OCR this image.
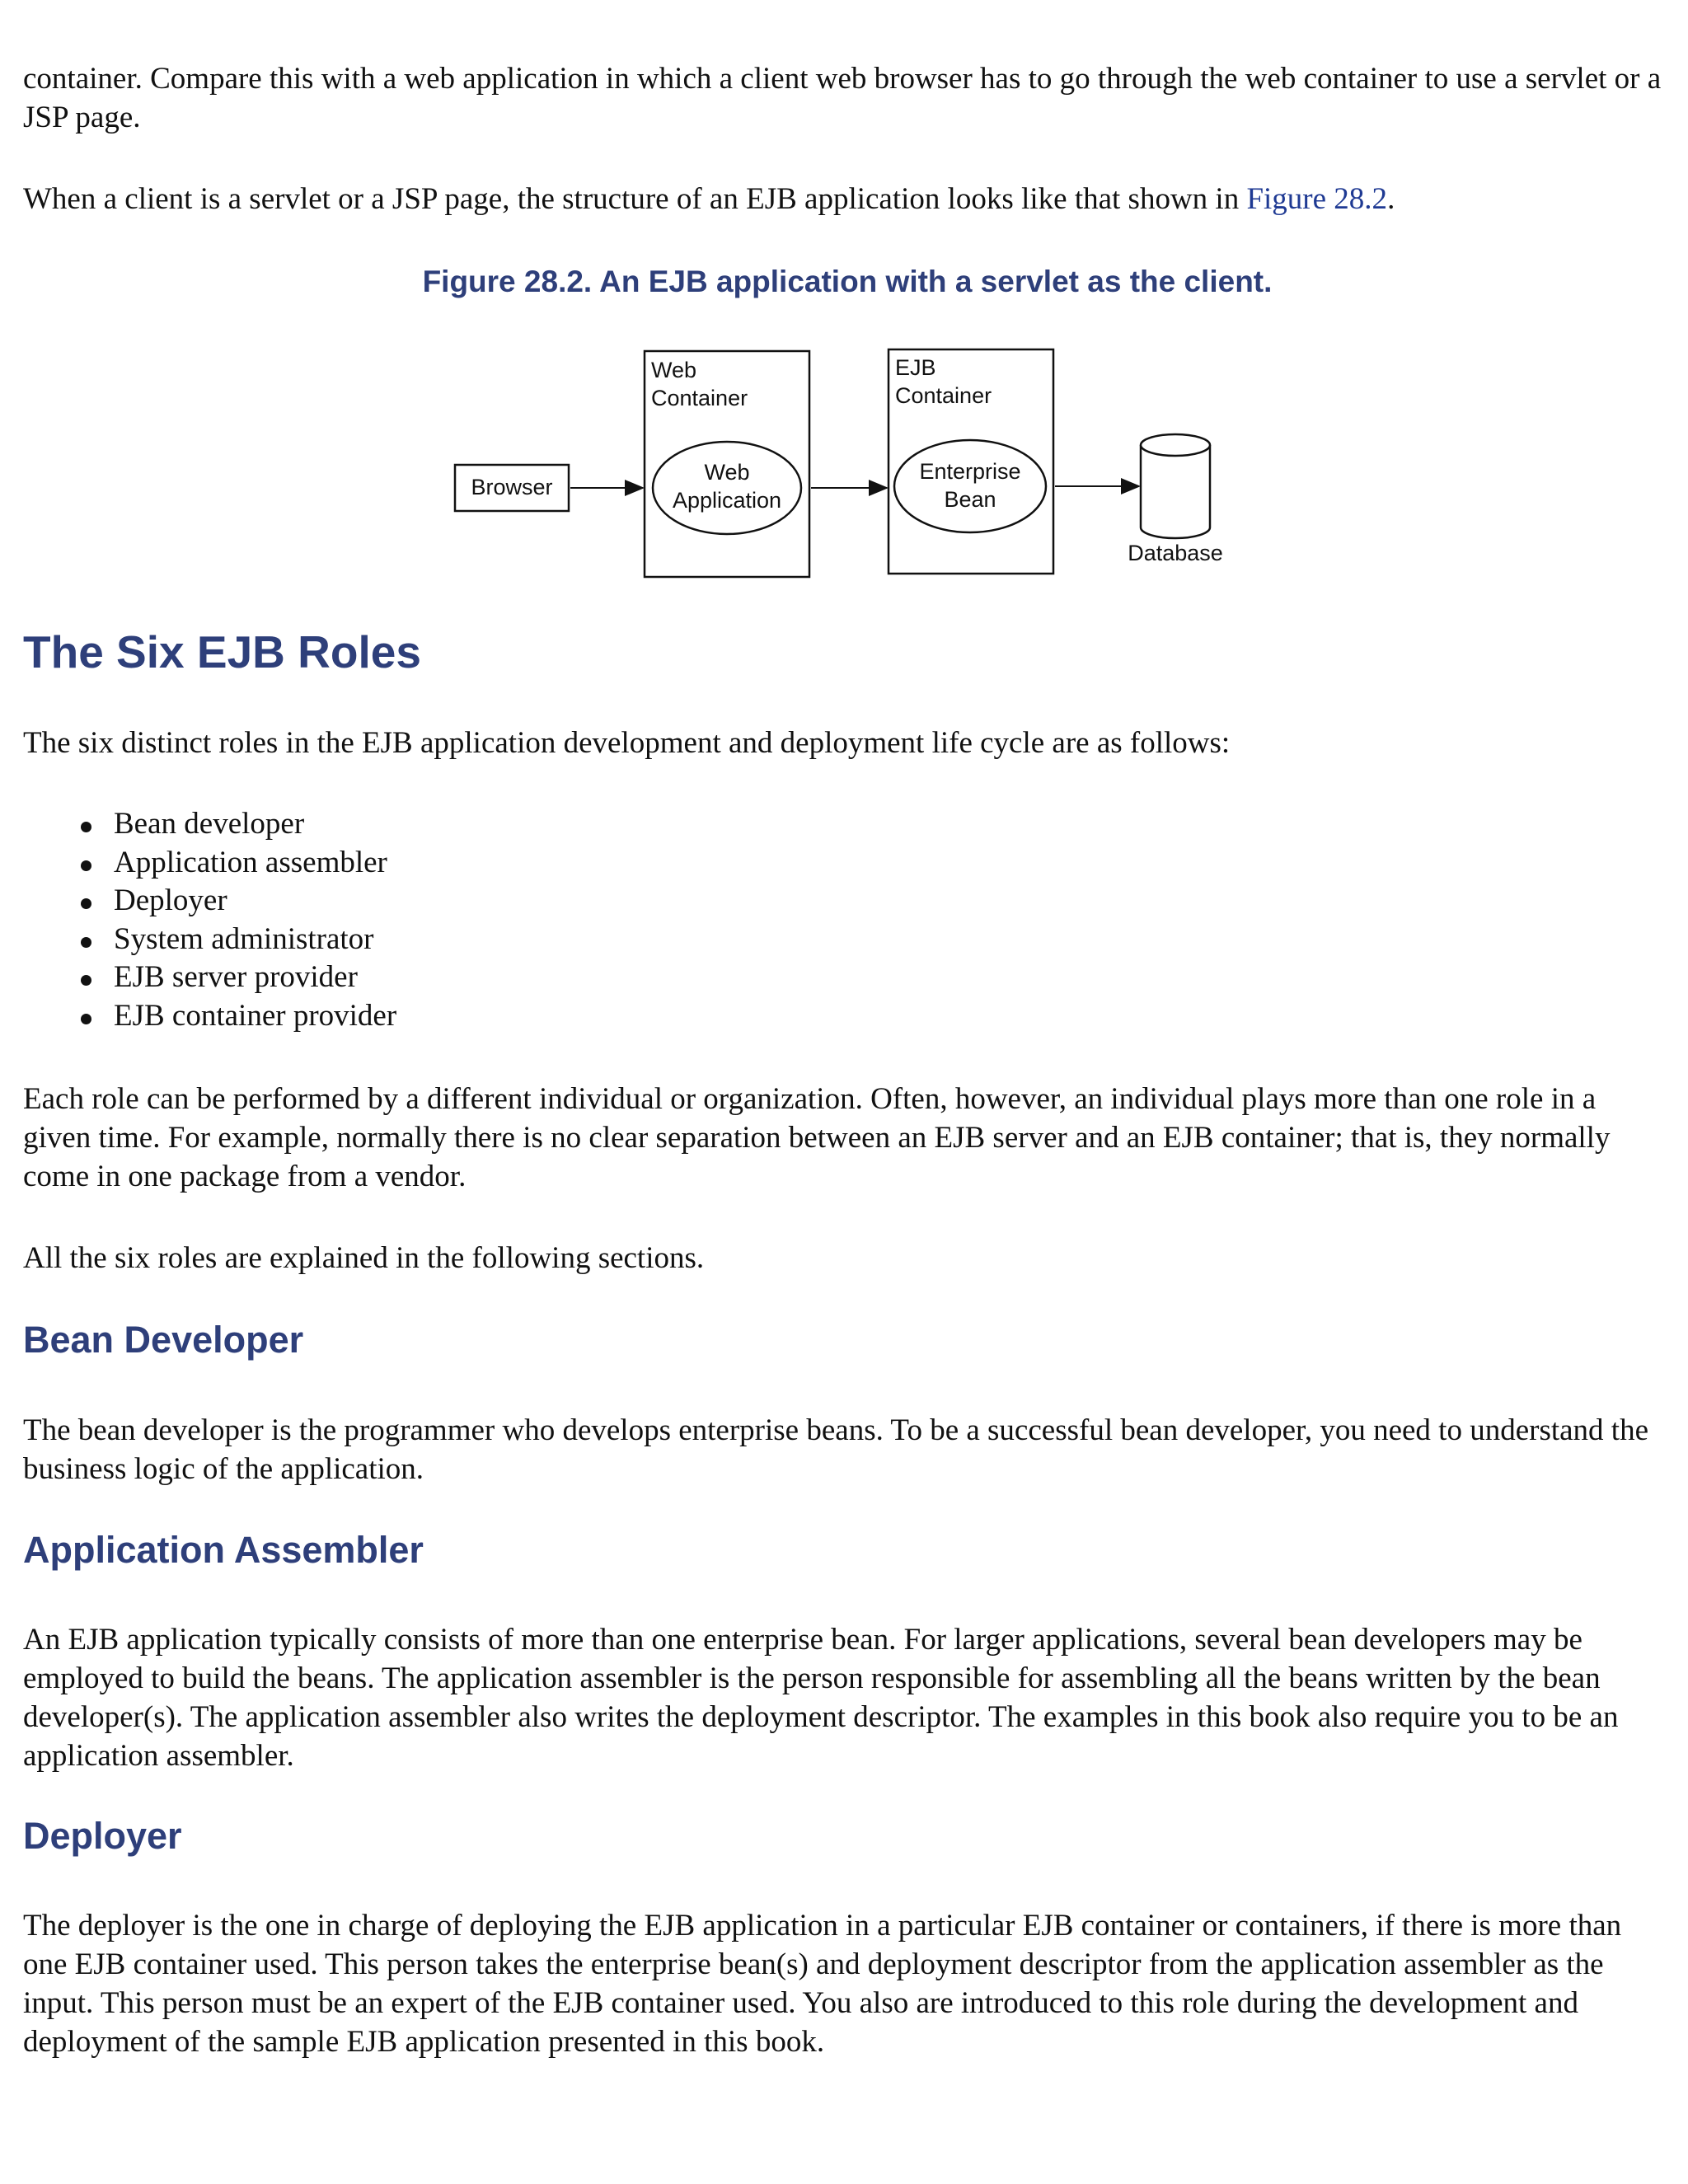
container. Compare this with a web application in which a client web browser has to go through the web container to use a servlet or a JSP page.

When a client is a servlet or a JSP page, the structure of an EJB application looks like that shown in Figure 28.2.

Figure 28.2. An EJB application with a servlet as the client.

Browser
Web
Container
Web
Application
EJB
Container
Enterprise
Bean
Database
The Six EJB Roles

The six distinct roles in the EJB application development and deployment life cycle are as follows:

Bean developer
Application assembler
Deployer
System administrator
EJB server provider
EJB container provider

Each role can be performed by a different individual or organization. Often, however, an individual plays more than one role in a given time. For example, normally there is no clear separation between an EJB server and an EJB container; that is, they normally come in one package from a vendor.

All the six roles are explained in the following sections.

Bean Developer

The bean developer is the programmer who develops enterprise beans. To be a successful bean developer, you need to understand the business logic of the application.

Application Assembler

An EJB application typically consists of more than one enterprise bean. For larger applications, several bean developers may be employed to build the beans. The application assembler is the person responsible for assembling all the beans written by the bean developer(s). The application assembler also writes the deployment descriptor. The examples in this book also require you to be an application assembler.

Deployer

The deployer is the one in charge of deploying the EJB application in a particular EJB container or containers, if there is more than one EJB container used. This person takes the enterprise bean(s) and deployment descriptor from the application assembler as the input. This person must be an expert of the EJB container used. You also are introduced to this role during the development and deployment of the sample EJB application presented in this book.
